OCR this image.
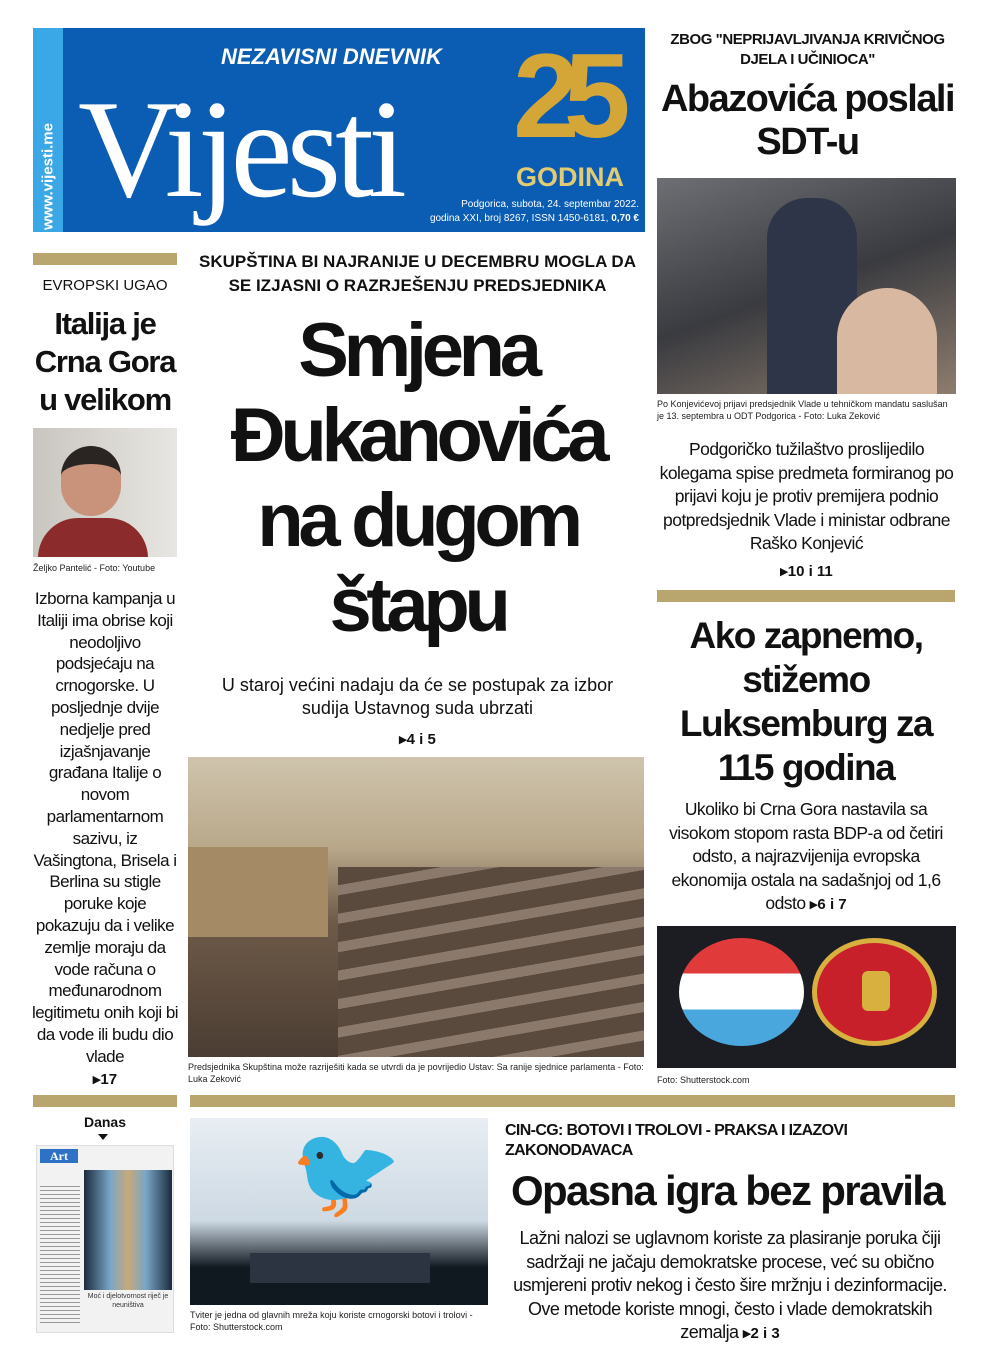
www.vijesti.me Vijesti
NEZAVISNI DNEVNIK 25
GODINA
Podgorica, subota, 24. septembar 2022.
godina XXI, broj 8267, ISSN 1450-6181, 0,70 €
ZBOG "NEPRIJAVLJIVANJA KRIVIČNOG DJELA I UČINIOCA"
Abazovića poslali SDT-u
Po Konjevićevoj prijavi predsjednik Vlade u tehničkom mandatu saslušan je 13. septembra u ODT Podgorica - Foto: Luka Zeković
Podgoričko tužilaštvo proslijedilo kolegama spise predmeta formiranog po prijavi koju je protiv premijera podnio potpredsjednik Vlade i ministar odbrane Raško Konjević
▸10 i 11
EVROPSKI UGAO
Italija je Crna Gora u velikom
Željko Pantelić - Foto: Youtube
Izborna kampanja u Italiji ima obrise koji neodoljivo podsjećaju na crnogorske. U posljednje dvije nedjelje pred izjašnjavanje građana Italije o novom parlamentarnom sazivu, iz Vašingtona, Brisela i Berlina su stigle poruke koje pokazuju da i velike zemlje moraju da vode računa o međunarodnom legitimetu onih koji bi da vode ili budu dio vlade
▸17
SKUPŠTINA BI NAJRANIJE U DECEMBRU MOGLA DA SE IZJASNI O RAZRJEŠENJU PREDSJEDNIKA
Smjena Đukanovića na dugom štapu
U staroj većini nadaju da će se postupak za izbor sudija Ustavnog suda ubrzati
▸4 i 5
Predsjednika Skupština može razriješiti kada se utvrdi da je povrijedio Ustav: Sa ranije sjednice parlamenta - Foto: Luka Zeković
Ako zapnemo, stižemo Luksemburg za 115 godina
Ukoliko bi Crna Gora nastavila sa visokom stopom rasta BDP-a od četiri odsto, a najrazvijenija evropska ekonomija ostala na sadašnjoj od 1,6 odsto ▸6 i 7
Foto: Shutterstock.com
Danas
Art
Moć i djelotvornost riječ je neuništiva
🐦
Tviter je jedna od glavnih mreža koju koriste crnogorski botovi i trolovi - Foto: Shutterstock.com
CIN-CG: BOTOVI I TROLOVI - PRAKSA I IZAZOVI ZAKONODAVACA
Opasna igra bez pravila
Lažni nalozi se uglavnom koriste za plasiranje poruka čiji sadržaji ne jačaju demokratske procese, već su obično usmjereni protiv nekog i često šire mržnju i dezinformacije. Ove metode koriste mnogi, često i vlade demokratskih zemalja ▸2 i 3
